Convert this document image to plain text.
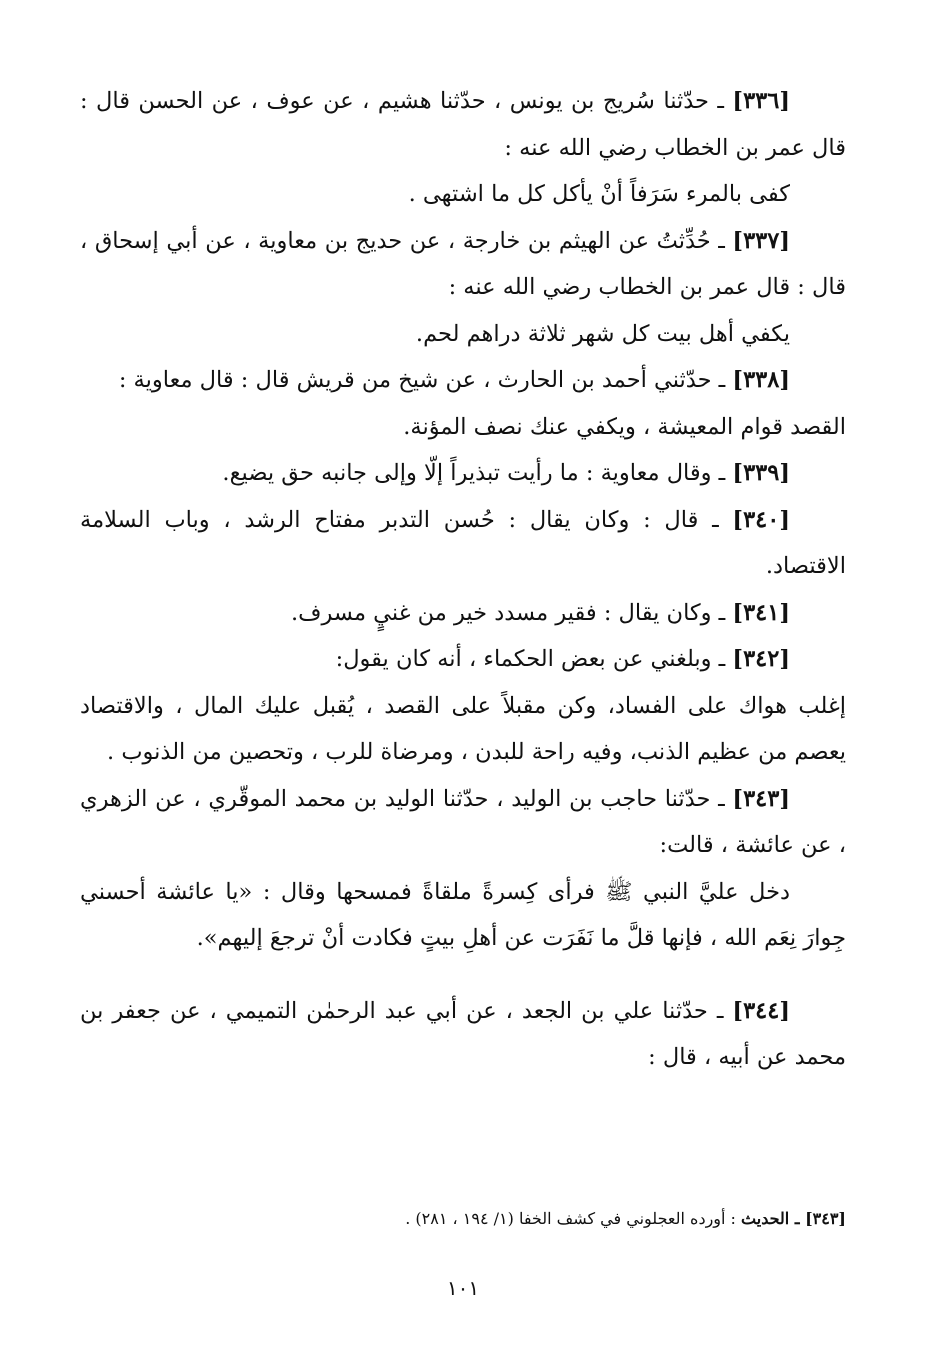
[٣٣٦] ـ حدّثنا سُريج بن يونس ، حدّثنا هشيم ، عن عوف ، عن الحسن قال : قال عمر بن الخطاب رضي الله عنه :

كفى بالمرء سَرَفاً أنْ يأكل كل ما اشتهى .

[٣٣٧] ـ حُدِّثتُ عن الهيثم بن خارجة ، عن حديج بن معاوية ، عن أبي إسحاق ، قال : قال عمر بن الخطاب رضي الله عنه :

يكفي أهل بيت كل شهر ثلاثة دراهم لحم.

[٣٣٨] ـ حدّثني أحمد بن الحارث ، عن شيخ من قريش قال : قال معاوية :

القصد قوام المعيشة ، ويكفي عنك نصف المؤنة.

[٣٣٩] ـ وقال معاوية : ما رأيت تبذيراً إلّا وإلى جانبه حق يضيع.

[٣٤٠] ـ قال : وكان يقال : حُسن التدبر مفتاح الرشد ، وباب السلامة الاقتصاد.

[٣٤١] ـ وكان يقال : فقير مسدد خير من غنيٍ مسرف.

[٣٤٢] ـ وبلغني عن بعض الحكماء ، أنه كان يقول:

إغلب هواك على الفساد، وكن مقبلاً على القصد ، يُقبل عليك المال ، والاقتصاد يعصم من عظيم الذنب، وفيه راحة للبدن ، ومرضاة للرب ، وتحصين من الذنوب .

[٣٤٣] ـ حدّثنا حاجب بن الوليد ، حدّثنا الوليد بن محمد الموقّري ، عن الزهري ، عن عائشة ، قالت:

دخل عليَّ النبي ﷺ فرأى كِسرةً ملقاةً فمسحها وقال : «يا عائشة أحسني جِوارَ نِعَم الله ، فإنها قلَّ ما نَفَرَت عن أهلِ بيتٍ فكادت أنْ ترجعَ إليهم».

[٣٤٤] ـ حدّثنا علي بن الجعد ، عن أبي عبد الرحمٰن التميمي ، عن جعفر بن محمد عن أبيه ، قال :

[٣٤٣] ـ الحديث : أورده العجلوني في كشف الخفا (١/ ١٩٤ ، ٢٨١) .
١٠١
